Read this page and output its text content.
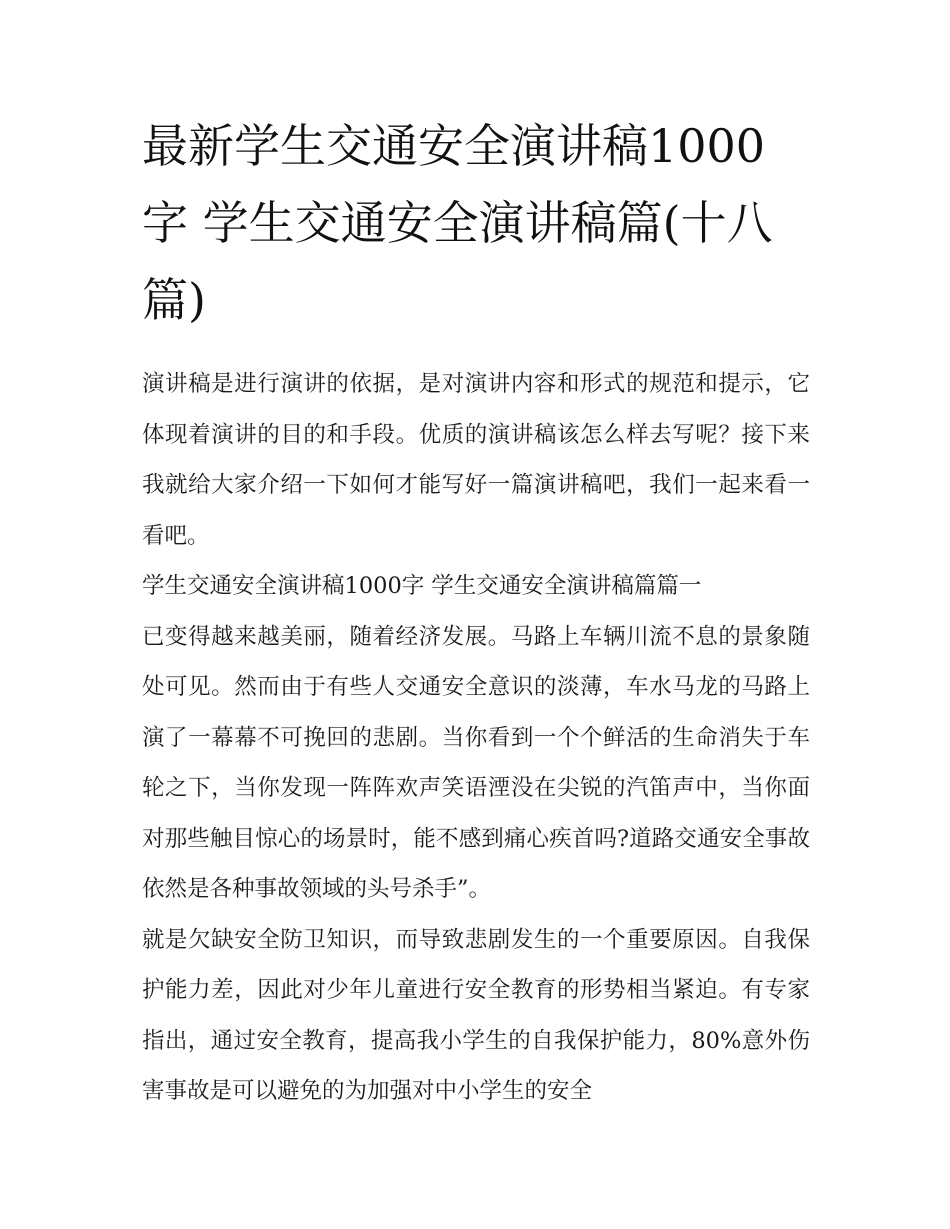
最新学生交通安全演讲稿1000字 学生交通安全演讲稿篇(十八篇)

演讲稿是进行演讲的依据，是对演讲内容和形式的规范和提示，它体现着演讲的目的和手段。优质的演讲稿该怎么样去写呢？接下来我就给大家介绍一下如何才能写好一篇演讲稿吧，我们一起来看一看吧。

学生交通安全演讲稿1000字 学生交通安全演讲稿篇篇一

已变得越来越美丽，随着经济发展。马路上车辆川流不息的景象随处可见。然而由于有些人交通安全意识的淡薄，车水马龙的马路上演了一幕幕不可挽回的悲剧。当你看到一个个鲜活的生命消失于车轮之下，当你发现一阵阵欢声笑语湮没在尖锐的汽笛声中，当你面对那些触目惊心的场景时，能不感到痛心疾首吗?道路交通安全事故依然是各种事故领域的头号杀手”。

就是欠缺安全防卫知识，而导致悲剧发生的一个重要原因。自我保护能力差，因此对少年儿童进行安全教育的形势相当紧迫。有专家指出，通过安全教育，提高我小学生的自我保护能力，80%意外伤害事故是可以避免的为加强对中小学生的安全
